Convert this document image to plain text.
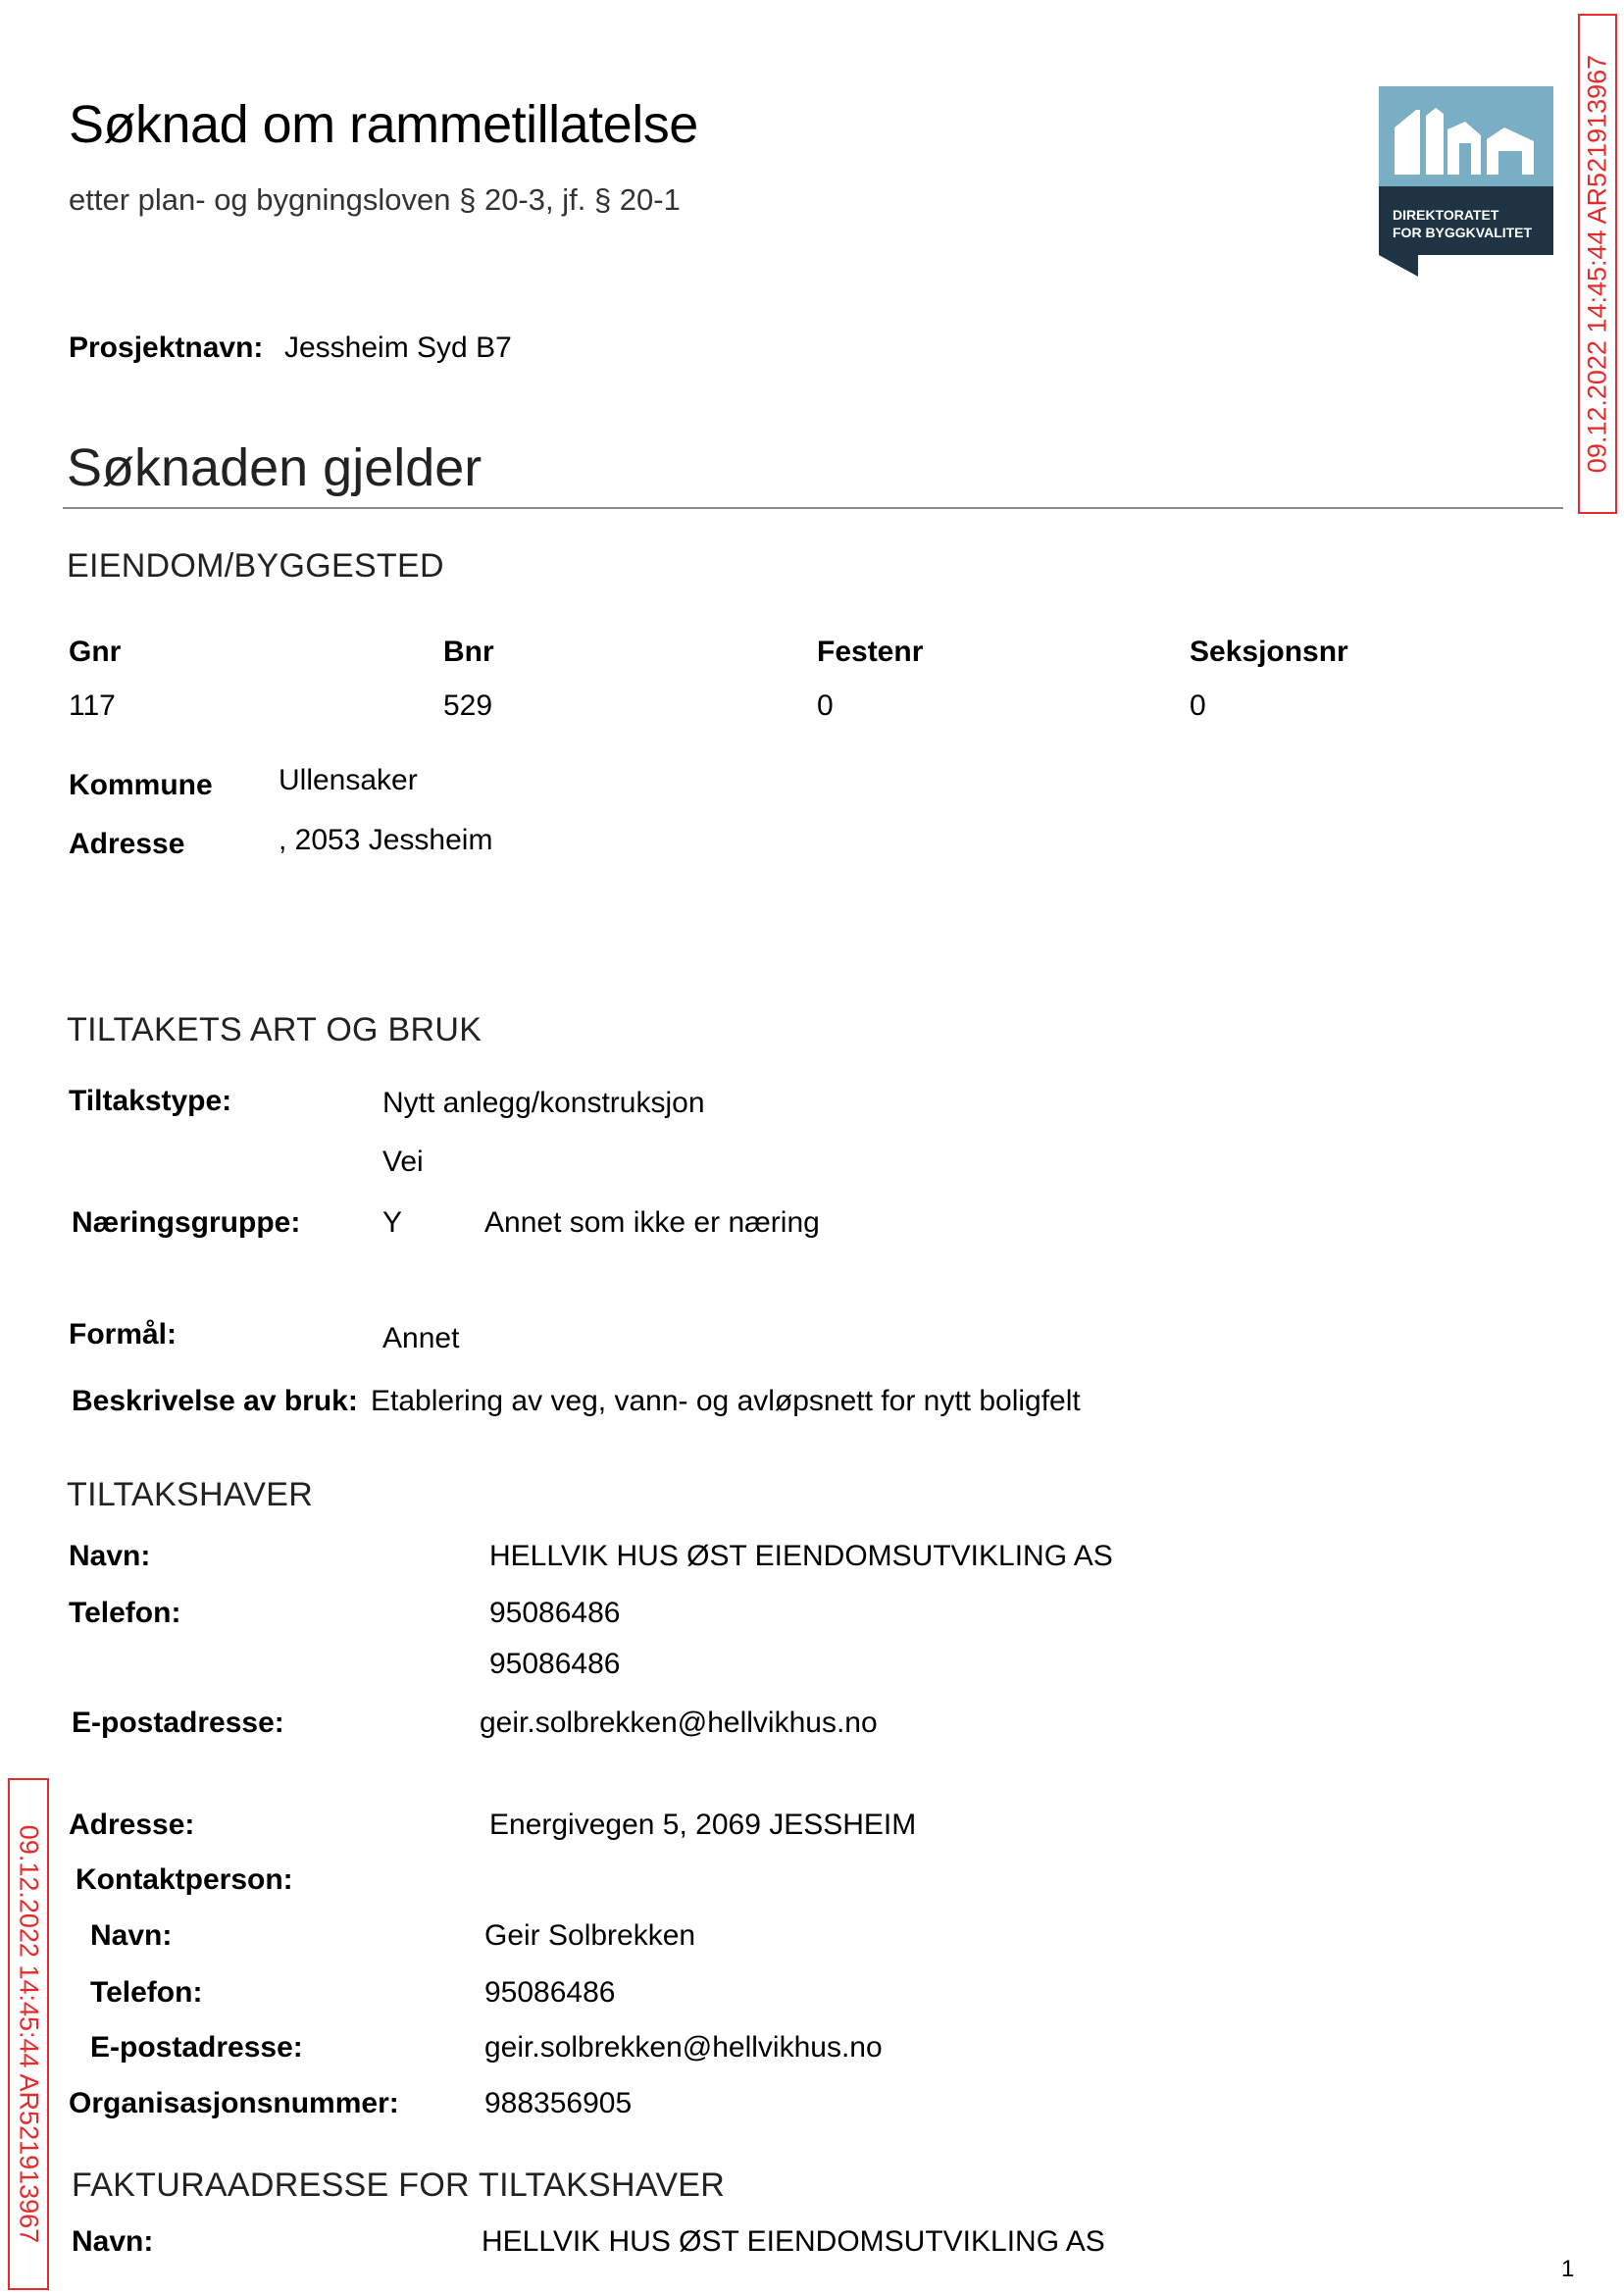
Søknad om rammetillatelse
etter plan- og bygningsloven § 20-3, jf. § 20-1	DIREKTORATET
FOR BYGGKVALITET 09.12.2022 14:45:44 AR521913967
Prosjektnavn: Jessheim Syd B7
Søknaden gjelder
EIENDOM/BYGGESTED
Gnr	Bnr	Festenr	Seksjonsnr
117	529	0	0
Kommune Ullensaker
Adresse	, 2053 Jessheim
TILTAKETS ART OG BRUK
Tiltakstype:	Nytt anlegg/konstruksjon
Vei
Næringsgruppe:	Y	Annet som ikke er næring
Formål:	Annet
Beskrivelse av bruk: Etablering av veg, vann- og avløpsnett for nytt boligfelt
TILTAKSHAVER
Navn:	HELLVIK HUS ØST EIENDOMSUTVIKLING AS
Telefon:	95086486
95086486
E-postadresse:	geir.solbrekken@hellvikhus.no
09.12.2022 14:45:44 AR521913967
Adresse:	Energivegen 5, 2069 JESSHEIM
Kontaktperson:
Navn:	Geir Solbrekken
Telefon:	95086486
E-postadresse:	geir.solbrekken@hellvikhus.no
Organisasjonsnummer:	988356905
FAKTURAADRESSE FOR TILTAKSHAVER
Navn:	HELLVIK HUS ØST EIENDOMSUTVIKLING AS
1
